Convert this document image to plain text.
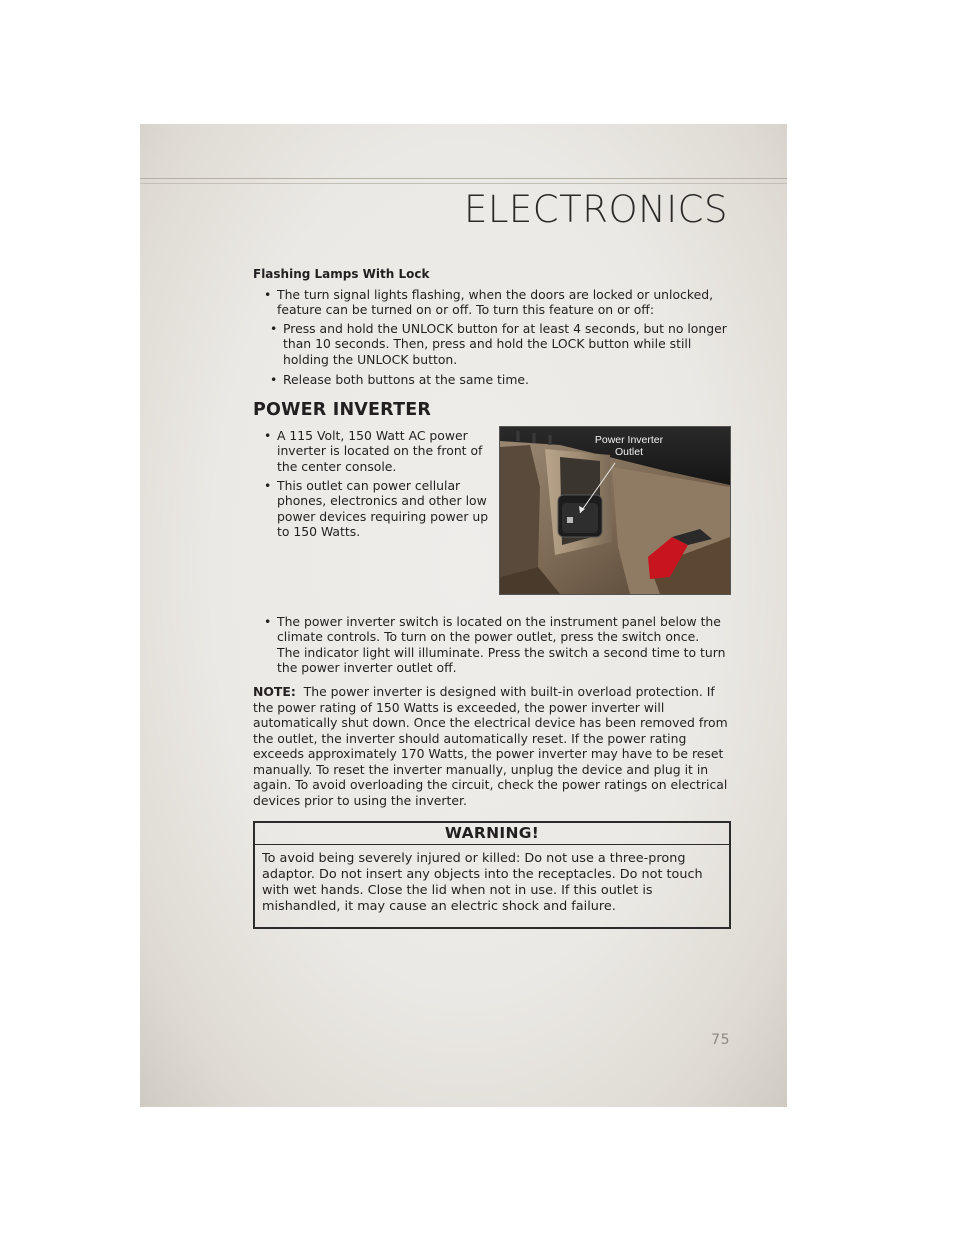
ELECTRONICS
Flashing Lamps With Lock
• The turn signal lights flashing, when the doors are locked or unlocked, feature can be turned on or off. To turn this feature on or off:
• Press and hold the UNLOCK button for at least 4 seconds, but no longer than 10 seconds. Then, press and hold the LOCK button while still holding the UNLOCK button.
• Release both buttons at the same time.
POWER INVERTER
• A 115 Volt, 150 Watt AC power inverter is located on the front of the center console.
• This outlet can power cellular phones, electronics and other low power devices requiring power up to 150 Watts.
Power Inverter Outlet
• The power inverter switch is located on the instrument panel below the climate controls. To turn on the power outlet, press the switch once. The indicator light will illuminate. Press the switch a second time to turn the power inverter outlet off.
NOTE: The power inverter is designed with built-in overload protection. If the power rating of 150 Watts is exceeded, the power inverter will automatically shut down. Once the electrical device has been removed from the outlet, the inverter should automatically reset. If the power rating exceeds approximately 170 Watts, the power inverter may have to be reset manually. To reset the inverter manually, unplug the device and plug it in again. To avoid overloading the circuit, check the power ratings on electrical devices prior to using the inverter.
WARNING!
To avoid being severely injured or killed: Do not use a three-prong adaptor. Do not insert any objects into the receptacles. Do not touch with wet hands. Close the lid when not in use. If this outlet is mishandled, it may cause an electric shock and failure.
75
